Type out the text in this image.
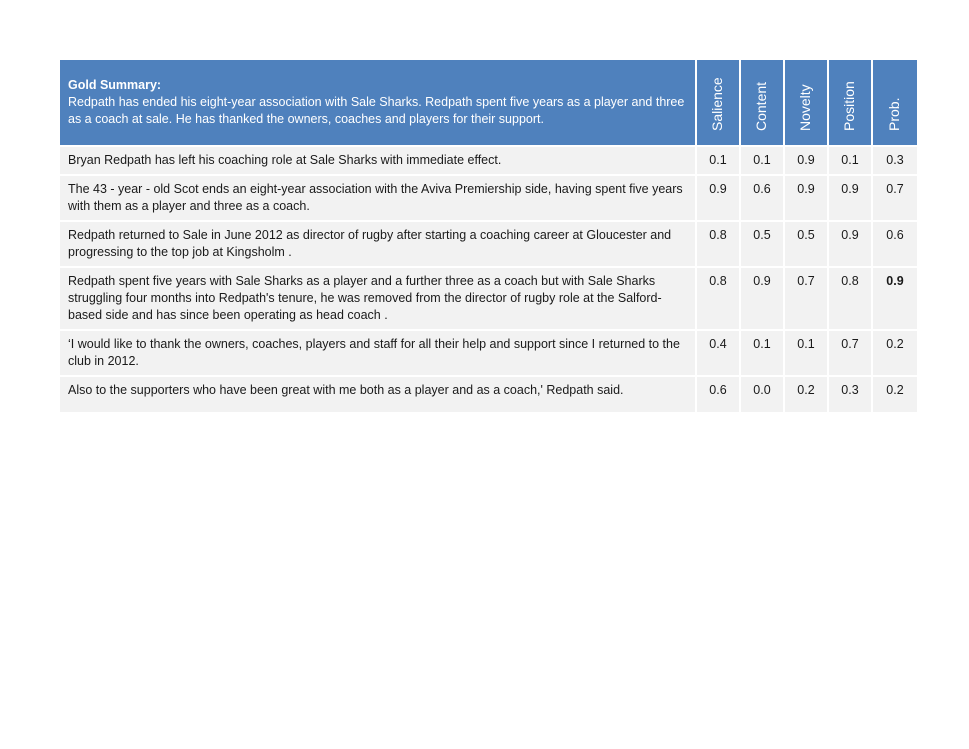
Gold Summary:
Redpath has ended his eight-year association with Sale Sharks. Redpath spent five years as a player and three as a coach at sale. He has thanked the owners, coaches and players for their support.	Salience	Content	Novelty	Position	Prob.

Bryan Redpath has left his coaching role at Sale Sharks with immediate effect.	0.1	0.1	0.9	0.1	0.3
The 43 - year - old Scot ends an eight-year association with the Aviva Premiership side, having spent five years with them as a player and three as a coach.	0.9	0.6	0.9	0.9	0.7
Redpath returned to Sale in June 2012 as director of rugby after starting a coaching career at Gloucester and progressing to the top job at Kingsholm .	0.8	0.5	0.5	0.9	0.6
Redpath spent five years with Sale Sharks as a player and a further three as a coach but with Sale Sharks struggling four months into Redpath's tenure, he was removed from the director of rugby role at the Salford-based side and has since been operating as head coach .	0.8	0.9	0.7	0.8	0.9
‘I would like to thank the owners, coaches, players and staff for all their help and support since I returned to the club in 2012.	0.4	0.1	0.1	0.7	0.2
Also to the supporters who have been great with me both as a player and as a coach,' Redpath said.	0.6	0.0	0.2	0.3	0.2
